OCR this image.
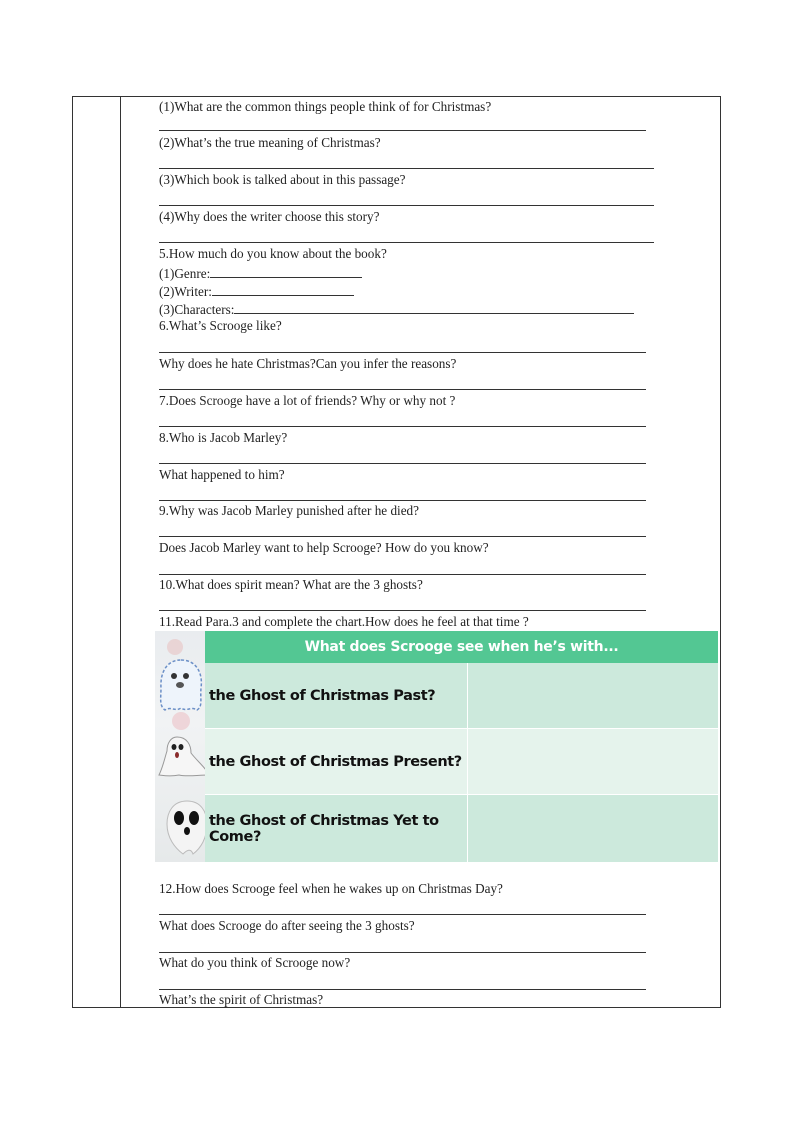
(1)What are the common things people think of for Christmas?
(2)What’s the true meaning of Christmas?
(3)Which book is talked about in this passage?
(4)Why does the writer choose this story?
5.How much do you know about the book?
(1)Genre:
(2)Writer:
(3)Characters:
6.What’s Scrooge like?
Why does he hate Christmas?Can you infer the reasons?
7.Does Scrooge have a lot of friends? Why or why not ?
8.Who is Jacob Marley?
What happened to him?
9.Why was Jacob Marley punished after he died?
Does Jacob Marley want to help Scrooge? How do you know?
10.What does spirit mean? What are the 3 ghosts?
11.Read Para.3 and complete the chart.How does he feel at that time ?
12.How does Scrooge feel when he wakes up on Christmas Day?
What does Scrooge do after seeing the 3 ghosts?
What do you think of Scrooge now?
What’s the spirit of Christmas?
What does Scrooge see when he’s with...
the Ghost of Christmas Past?
the Ghost of Christmas Present?
the Ghost of Christmas Yet to Come?
